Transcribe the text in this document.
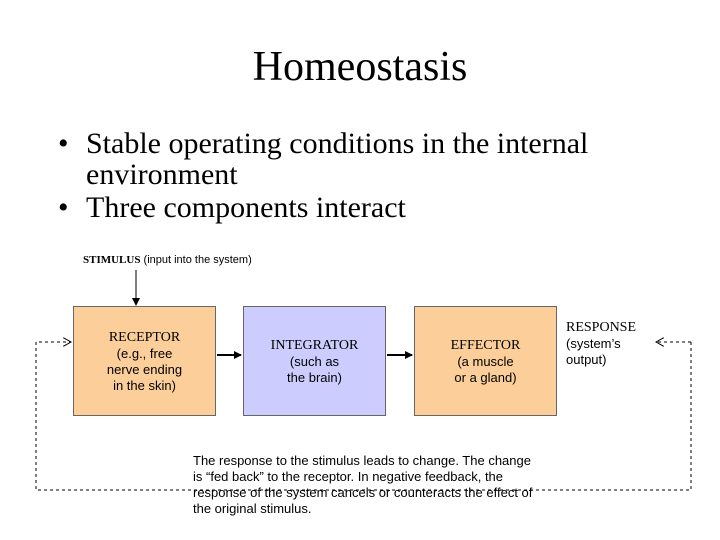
Homeostasis
• Stable operating conditions in the internal environment
• Three components interact
STIMULUS (input into the system)
RECEPTOR
(e.g., free
nerve ending
in the skin)
INTEGRATOR
(such as
the brain)
EFFECTOR
(a muscle
or a gland)
RESPONSE
(system’s
output)
The response to the stimulus leads to change. The change is “fed back” to the receptor. In negative feedback, the response of the system cancels or counteracts the effect of the original stimulus.
